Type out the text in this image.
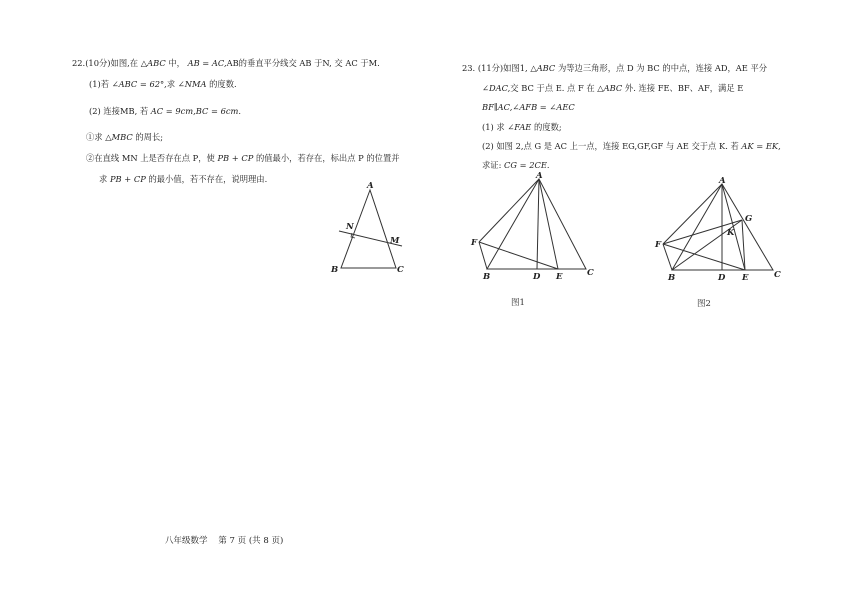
22.(10分)如图,在 △ABC 中， AB = AC,AB的垂直平分线交 AB 于N, 交 AC 于M.
(1)若 ∠ABC = 62°,求 ∠NMA 的度数.
(2) 连接MB, 若 AC = 9cm,BC = 6cm.
①求 △MBC 的周长;
②在直线 MN 上是否存在点 P，使 PB + CP 的值最小，若存在，标出点 P 的位置并
求 PB + CP 的最小值，若不存在，说明理由.
A
N
M
B	C
23. (11分)如图1, △ABC 为等边三角形，点 D 为 BC 的中点，连接 AD，AE 平分
∠DAC,交 BC 于点 E. 点 F 在 △ABC 外. 连接 FE、BF、AF，满足 E
BF∥AC,∠AFB = ∠AEC
(1) 求 ∠FAE 的度数;
(2) 如图 2,点 G 是 AC 上一点，连接 EG,GF,GF 与 AE 交于点 K. 若 AK = EK,
求证: CG = 2CE.
A
F
B	D E	C
图1
A
G
K
F
B	D E	C
图2
八年级数学    第 7 页 (共 8 页)
